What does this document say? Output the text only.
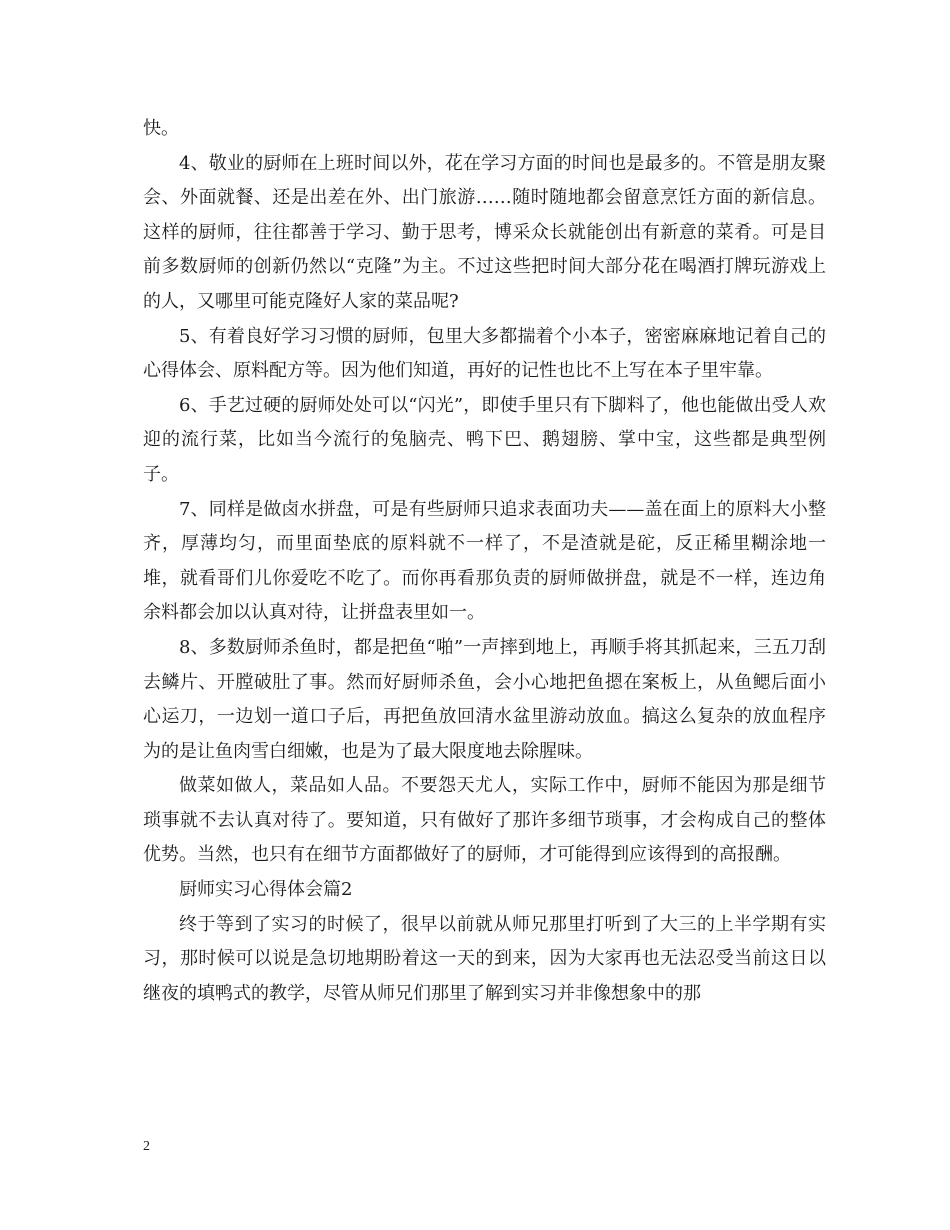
快。

4、敬业的厨师在上班时间以外，花在学习方面的时间也是最多的。不管是朋友聚会、外面就餐、还是出差在外、出门旅游……随时随地都会留意烹饪方面的新信息。这样的厨师，往往都善于学习、勤于思考，博采众长就能创出有新意的菜肴。可是目前多数厨师的创新仍然以“克隆”为主。不过这些把时间大部分花在喝酒打牌玩游戏上的人，又哪里可能克隆好人家的菜品呢?

5、有着良好学习习惯的厨师，包里大多都揣着个小本子，密密麻麻地记着自己的心得体会、原料配方等。因为他们知道，再好的记性也比不上写在本子里牢靠。

6、手艺过硬的厨师处处可以“闪光”，即使手里只有下脚料了，他也能做出受人欢迎的流行菜，比如当今流行的兔脑壳、鸭下巴、鹅翅膀、掌中宝，这些都是典型例子。

7、同样是做卤水拼盘，可是有些厨师只追求表面功夫——盖在面上的原料大小整齐，厚薄均匀，而里面垫底的原料就不一样了，不是渣就是砣，反正稀里糊涂地一堆，就看哥们儿你爱吃不吃了。而你再看那负责的厨师做拼盘，就是不一样，连边角余料都会加以认真对待，让拼盘表里如一。

8、多数厨师杀鱼时，都是把鱼“啪”一声摔到地上，再顺手将其抓起来，三五刀刮去鳞片、开膛破肚了事。然而好厨师杀鱼，会小心地把鱼摁在案板上，从鱼鳃后面小心运刀，一边划一道口子后，再把鱼放回清水盆里游动放血。搞这么复杂的放血程序为的是让鱼肉雪白细嫩，也是为了最大限度地去除腥味。

做菜如做人，菜品如人品。不要怨天尤人，实际工作中，厨师不能因为那是细节琐事就不去认真对待了。要知道，只有做好了那许多细节琐事，才会构成自己的整体优势。当然，也只有在细节方面都做好了的厨师，才可能得到应该得到的高报酬。

厨师实习心得体会篇2

终于等到了实习的时候了，很早以前就从师兄那里打听到了大三的上半学期有实习，那时候可以说是急切地期盼着这一天的到来，因为大家再也无法忍受当前这日以继夜的填鸭式的教学，尽管从师兄们那里了解到实习并非像想象中的那

2
